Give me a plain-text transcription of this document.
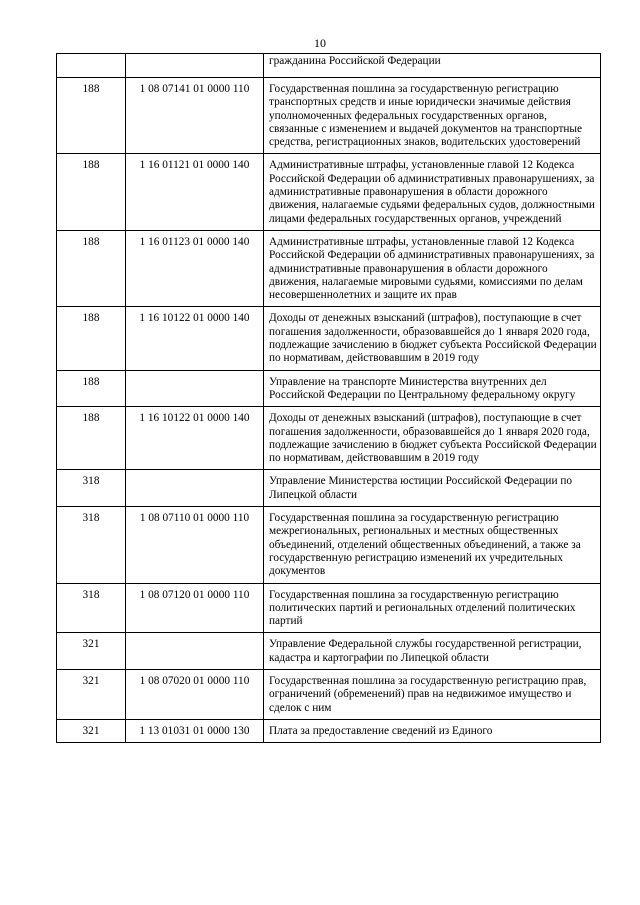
10
		гражданина Российской Федерации
188	1 08 07141 01 0000 110	Государственная пошлина за государственную регистрацию транспортных средств и иные юридически значимые действия уполномоченных федеральных государственных органов, связанные с изменением и выдачей документов на транспортные средства, регистрационных знаков, водительских удостоверений
188	1 16 01121 01 0000 140	Административные штрафы, установленные главой 12 Кодекса Российской Федерации об административных правонарушениях, за административные правонарушения в области дорожного движения, налагаемые судьями федеральных судов, должностными лицами федеральных государственных органов, учреждений
188	1 16 01123 01 0000 140	Административные штрафы, установленные главой 12 Кодекса Российской Федерации об административных правонарушениях, за административные правонарушения в области дорожного движения, налагаемые мировыми судьями, комиссиями по делам несовершеннолетних и защите их прав
188	1 16 10122 01 0000 140	Доходы от денежных взысканий (штрафов), поступающие в счет погашения задолженности, образовавшейся до 1 января 2020 года, подлежащие зачислению в бюджет субъекта Российской Федерации по нормативам, действовавшим в 2019 году
188		Управление на транспорте Министерства внутренних дел Российской Федерации по Центральному федеральному округу
188	1 16 10122 01 0000 140	Доходы от денежных взысканий (штрафов), поступающие в счет погашения задолженности, образовавшейся до 1 января 2020 года, подлежащие зачислению в бюджет субъекта Российской Федерации по нормативам, действовавшим в 2019 году
318		Управление Министерства юстиции Российской Федерации по Липецкой области
318	1 08 07110 01 0000 110	Государственная пошлина за государственную регистрацию межрегиональных, региональных и местных общественных объединений, отделений общественных объединений, а также за государственную регистрацию изменений их учредительных документов
318	1 08 07120 01 0000 110	Государственная пошлина за государственную регистрацию политических партий и региональных отделений политических партий
321		Управление Федеральной службы государственной регистрации, кадастра и картографии по Липецкой области
321	1 08 07020 01 0000 110	Государственная пошлина за государственную регистрацию прав, ограничений (обременений) прав на недвижимое имущество и сделок с ним
321	1 13 01031 01 0000 130	Плата за предоставление сведений из Единого
